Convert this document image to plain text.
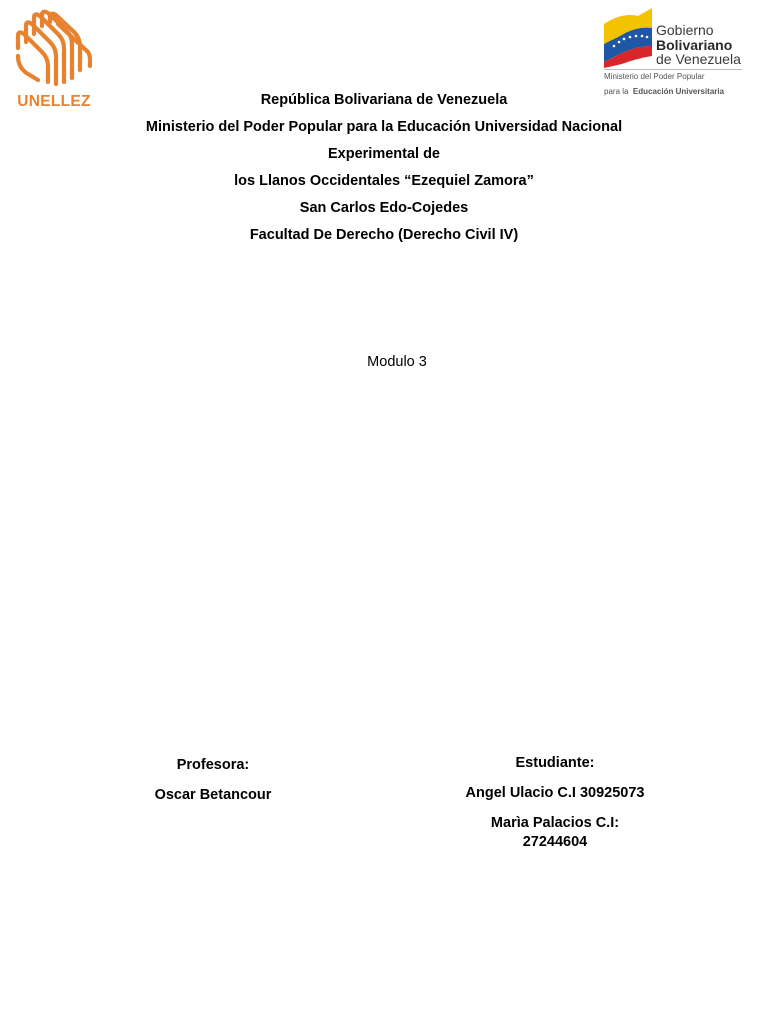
UNELLEZ
Gobierno
Bolivariano
de Venezuela
Ministerio del Poder Popular
para la Educación Universitaria
República Bolivariana de Venezuela
Ministerio del Poder Popular para la Educación Universidad Nacional
Experimental de
los Llanos Occidentales “Ezequiel Zamora”
San Carlos Edo-Cojedes
Facultad De Derecho (Derecho Civil IV)
Modulo 3
Profesora:
Oscar Betancour
Estudiante:
Angel Ulacio C.I 30925073
Marìa Palacios C.I:
27244604
